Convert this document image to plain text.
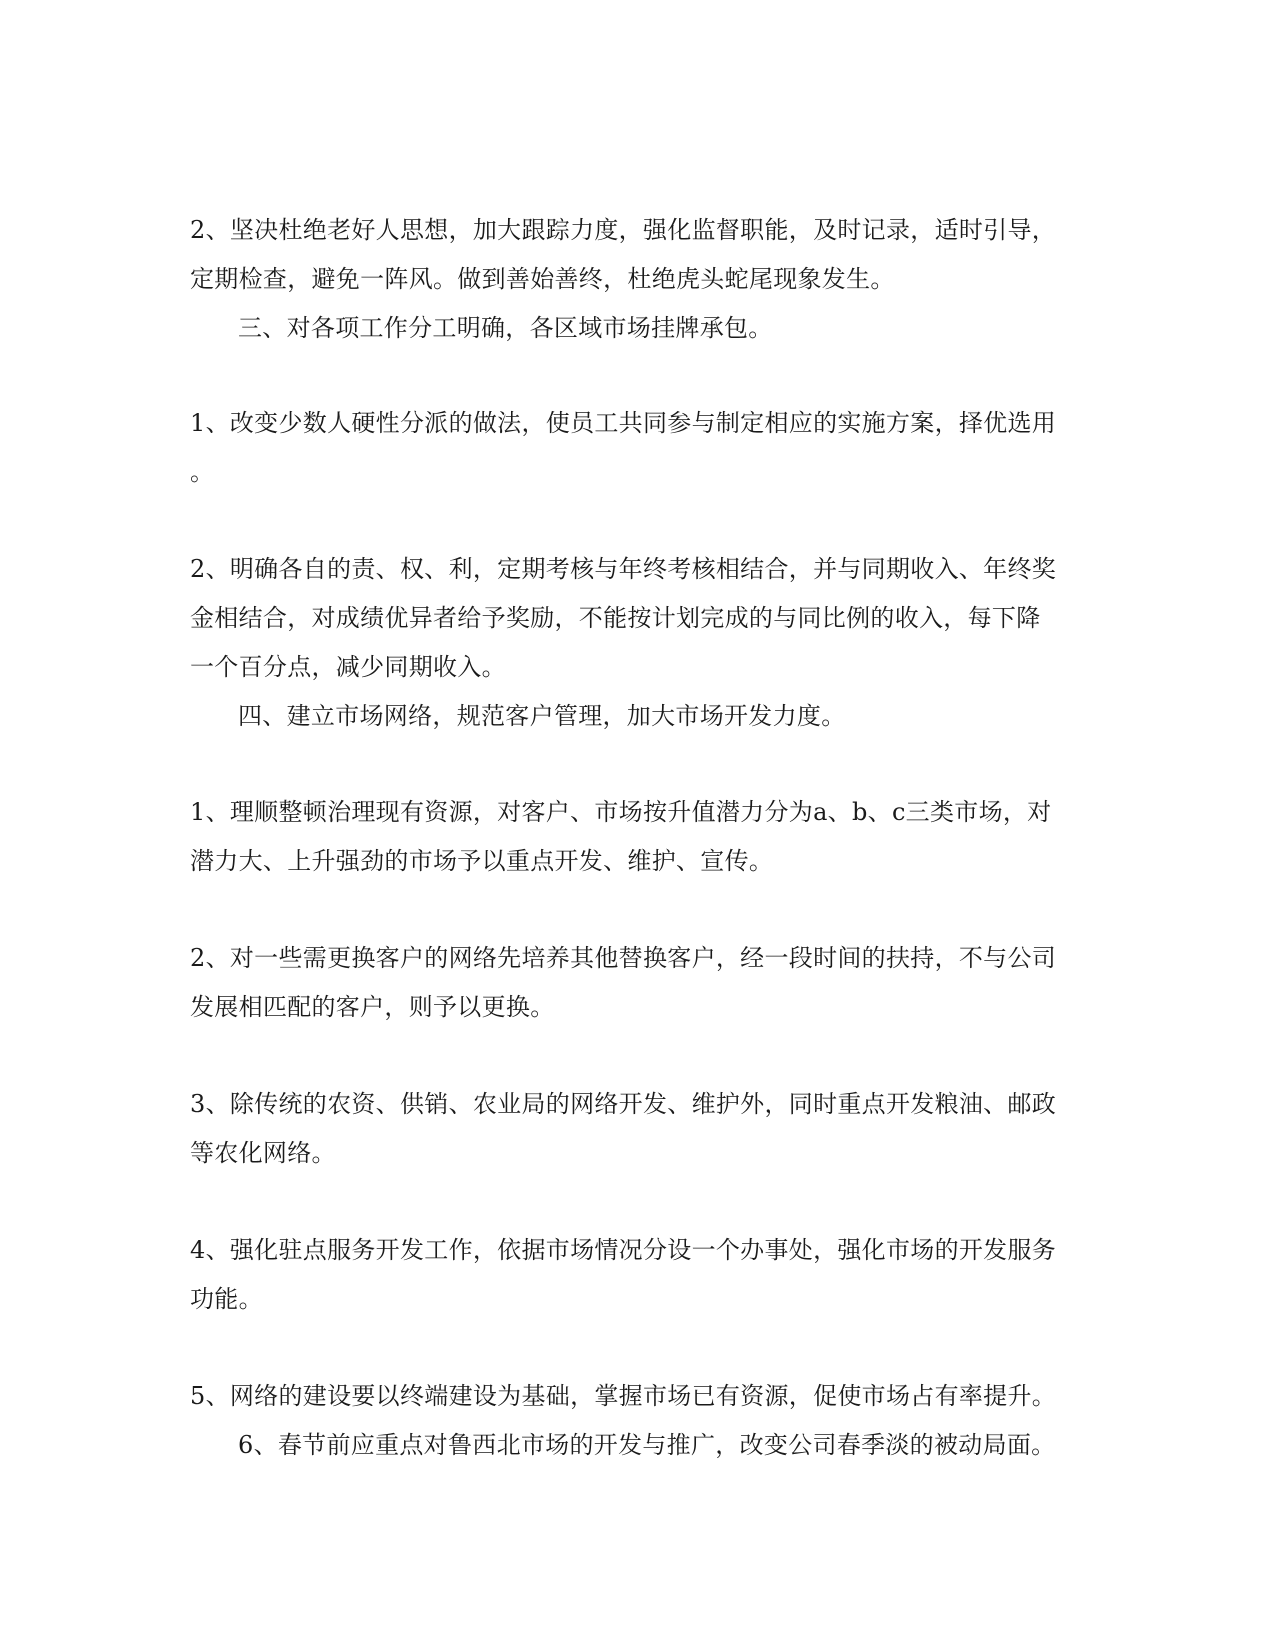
2、坚决杜绝老好人思想，加大跟踪力度，强化监督职能，及时记录，适时引导，
定期检查，避免一阵风。做到善始善终，杜绝虎头蛇尾现象发生。
三、对各项工作分工明确，各区域市场挂牌承包。
1、改变少数人硬性分派的做法，使员工共同参与制定相应的实施方案，择优选用
。
2、明确各自的责、权、利，定期考核与年终考核相结合，并与同期收入、年终奖
金相结合，对成绩优异者给予奖励，不能按计划完成的与同比例的收入，每下降
一个百分点，减少同期收入。
四、建立市场网络，规范客户管理，加大市场开发力度。
1、理顺整顿治理现有资源，对客户、市场按升值潜力分为a、b、c三类市场，对
潜力大、上升强劲的市场予以重点开发、维护、宣传。
2、对一些需更换客户的网络先培养其他替换客户，经一段时间的扶持，不与公司
发展相匹配的客户，则予以更换。
3、除传统的农资、供销、农业局的网络开发、维护外，同时重点开发粮油、邮政
等农化网络。
4、强化驻点服务开发工作，依据市场情况分设一个办事处，强化市场的开发服务
功能。
5、网络的建设要以终端建设为基础，掌握市场已有资源，促使市场占有率提升。
6、春节前应重点对鲁西北市场的开发与推广，改变公司春季淡的被动局面。
